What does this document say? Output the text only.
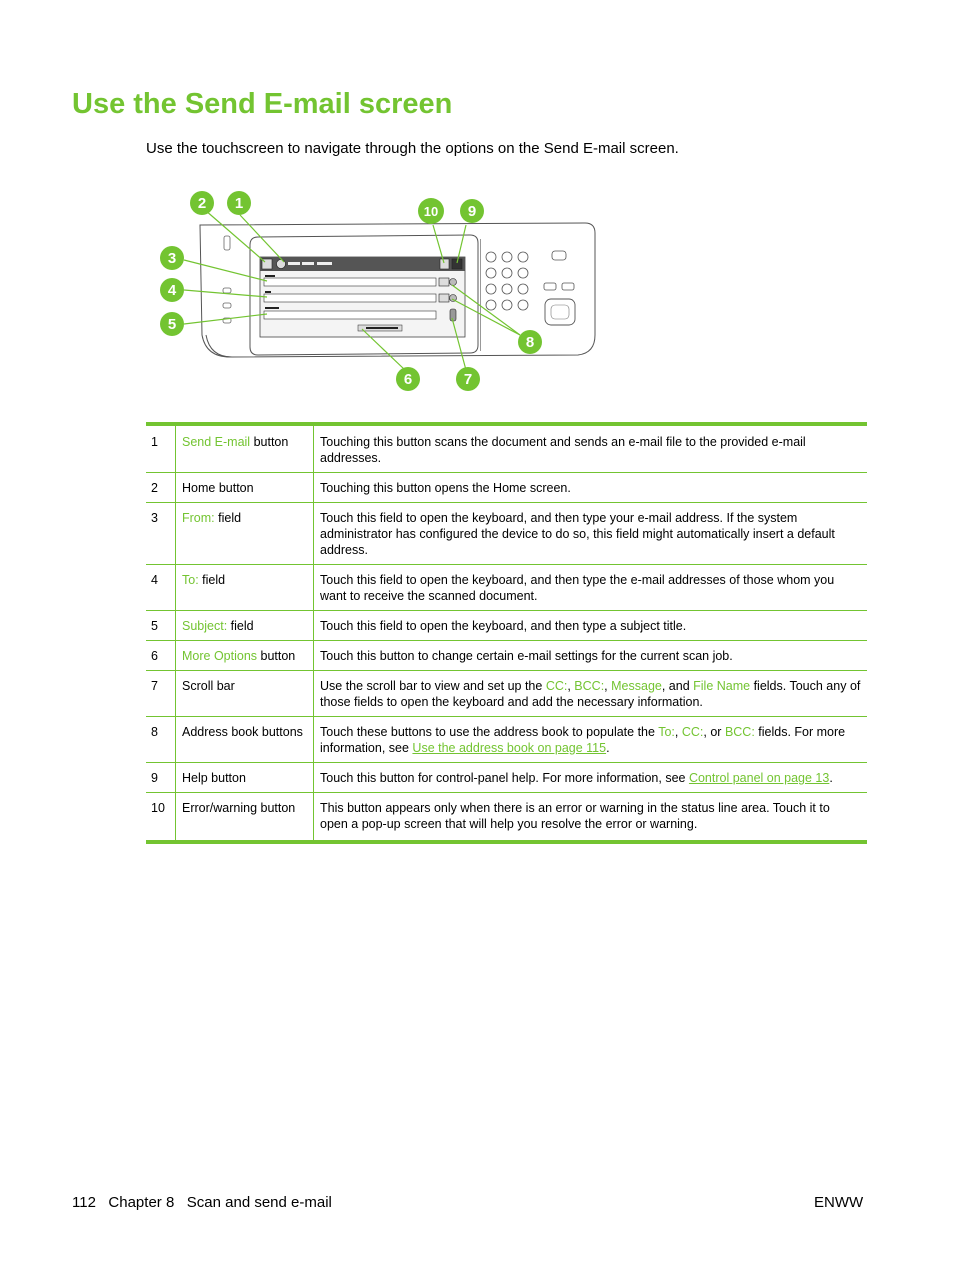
Use the Send E-mail screen

Use the touchscreen to navigate through the options on the Send E-mail screen.

1
2
3
4
5
6	7
8
9
10
1	Send E-mail button	Touching this button scans the document and sends an e-mail file to the provided e-mail addresses.
2	Home button	Touching this button opens the Home screen.
3	From: field	Touch this field to open the keyboard, and then type your e-mail address. If the system administrator has configured the device to do so, this field might automatically insert a default address.
4	To: field	Touch this field to open the keyboard, and then type the e-mail addresses of those whom you want to receive the scanned document.
5	Subject: field	Touch this field to open the keyboard, and then type a subject title.
6	More Options button	Touch this button to change certain e-mail settings for the current scan job.
7	Scroll bar	Use the scroll bar to view and set up the CC:, BCC:, Message, and File Name fields. Touch any of those fields to open the keyboard and add the necessary information.
8	Address book buttons	Touch these buttons to use the address book to populate the To:, CC:, or BCC: fields. For more information, see Use the address book on page 115.
9	Help button	Touch this button for control-panel help. For more information, see Control panel on page 13.
10	Error/warning button	This button appears only when there is an error or warning in the status line area. Touch it to open a pop-up screen that will help you resolve the error or warning.
112   Chapter 8   Scan and send e-mail	ENWW
